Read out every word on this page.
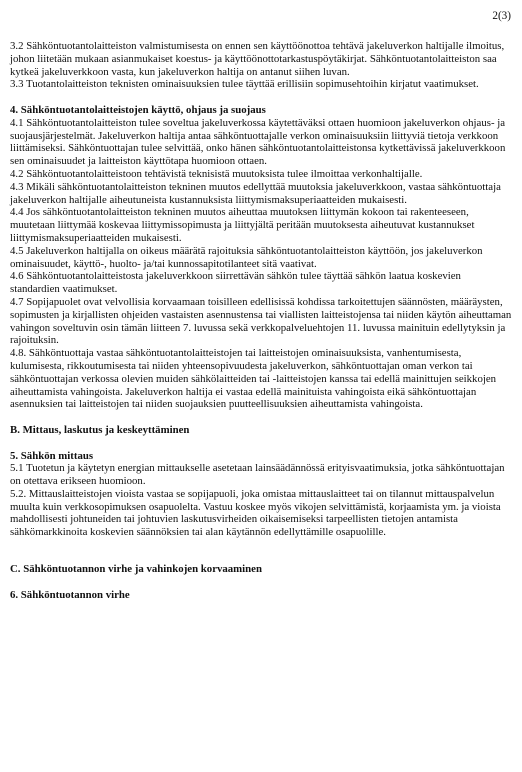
2(3)

3.2 Sähköntuotantolaitteiston valmistumisesta on ennen sen käyttöönottoa tehtävä jakeluverkon haltijalle ilmoitus, johon liitetään mukaan asianmukaiset koestus- ja käyttöönottotarkastuspöytäkirjat. Sähköntuotantolaitteiston saa kytkeä jakeluverkkoon vasta, kun jakeluverkon haltija on antanut siihen luvan.

3.3 Tuotantolaitteiston teknisten ominaisuuksien tulee täyttää erillisiin sopimusehtoihin kirjatut vaatimukset.

4. Sähköntuotantolaitteistojen käyttö, ohjaus ja suojaus

4.1 Sähköntuotantolaitteiston tulee soveltua jakeluverkossa käytettäväksi ottaen huomioon jakeluverkon ohjaus- ja suojausjärjestelmät. Jakeluverkon haltija antaa sähköntuottajalle verkon ominaisuuksiin liittyviä tietoja verkkoon liittämiseksi. Sähköntuottajan tulee selvittää, onko hänen sähköntuotantolaitteistonsa kytkettävissä jakeluverkkoon sen ominaisuudet ja laitteiston käyttötapa huomioon ottaen.

4.2 Sähköntuotantolaitteistoon tehtävistä teknisistä muutoksista tulee ilmoittaa verkonhaltijalle.

4.3 Mikäli sähköntuotantolaitteiston tekninen muutos edellyttää muutoksia jakeluverkkoon, vastaa sähköntuottaja jakeluverkon haltijalle aiheutuneista kustannuksista liittymismaksuperiaatteiden mukaisesti.

4.4 Jos sähköntuotantolaitteiston tekninen muutos aiheuttaa muutoksen liittymän kokoon tai rakenteeseen, muutetaan liittymää koskevaa liittymissopimusta ja liittyjältä peritään muutoksesta aiheutuvat kustannukset liittymismaksuperiaatteiden mukaisesti.

4.5 Jakeluverkon haltijalla on oikeus määrätä rajoituksia sähköntuotantolaitteiston käyttöön, jos jakeluverkon ominaisuudet, käyttö-, huolto- ja/tai kunnossapitotilanteet sitä vaativat.

4.6 Sähköntuotantolaitteistosta jakeluverkkoon siirrettävän sähkön tulee täyttää sähkön laatua koskevien standardien vaatimukset.

4.7 Sopijapuolet ovat velvollisia korvaamaan toisilleen edellisissä kohdissa tarkoitettujen säännösten, määräysten, sopimusten ja kirjallisten ohjeiden vastaisten asennustensa tai viallisten laitteistojensa tai niiden käytön aiheuttaman vahingon soveltuvin osin tämän liitteen 7. luvussa sekä verkkopalveluehtojen 11. luvussa mainituin edellytyksin ja rajoituksin.

4.8. Sähköntuottaja vastaa sähköntuotantolaitteistojen tai laitteistojen ominaisuuksista, vanhentumisesta, kulumisesta, rikkoutumisesta tai niiden yhteensopivuudesta jakeluverkon, sähköntuottajan oman verkon tai sähköntuottajan verkossa olevien muiden sähkölaitteiden tai -laitteistojen kanssa tai edellä mainittujen seikkojen aiheuttamista vahingoista. Jakeluverkon haltija ei vastaa edellä mainituista vahingoista eikä sähköntuottajan asennuksien tai laitteistojen tai niiden suojauksien puutteellisuuksien aiheuttamista vahingoista.

B. Mittaus, laskutus ja keskeyttäminen

5. Sähkön mittaus

5.1 Tuotetun ja käytetyn energian mittaukselle asetetaan lainsäädännössä erityisvaatimuksia, jotka sähköntuottajan on otettava erikseen huomioon.

5.2. Mittauslaitteistojen vioista vastaa se sopijapuoli, joka omistaa mittauslaitteet tai on tilannut mittauspalvelun muulta kuin verkkosopimuksen osapuolelta. Vastuu koskee myös vikojen selvittämistä, korjaamista ym. ja vioista mahdollisesti johtuneiden tai johtuvien laskutusvirheiden oikaisemiseksi tarpeellisten tietojen antamista sähkömarkkinoita koskevien säännöksien tai alan käytännön edellyttämille osapuolille.

C. Sähköntuotannon virhe ja vahinkojen korvaaminen

6. Sähköntuotannon virhe
